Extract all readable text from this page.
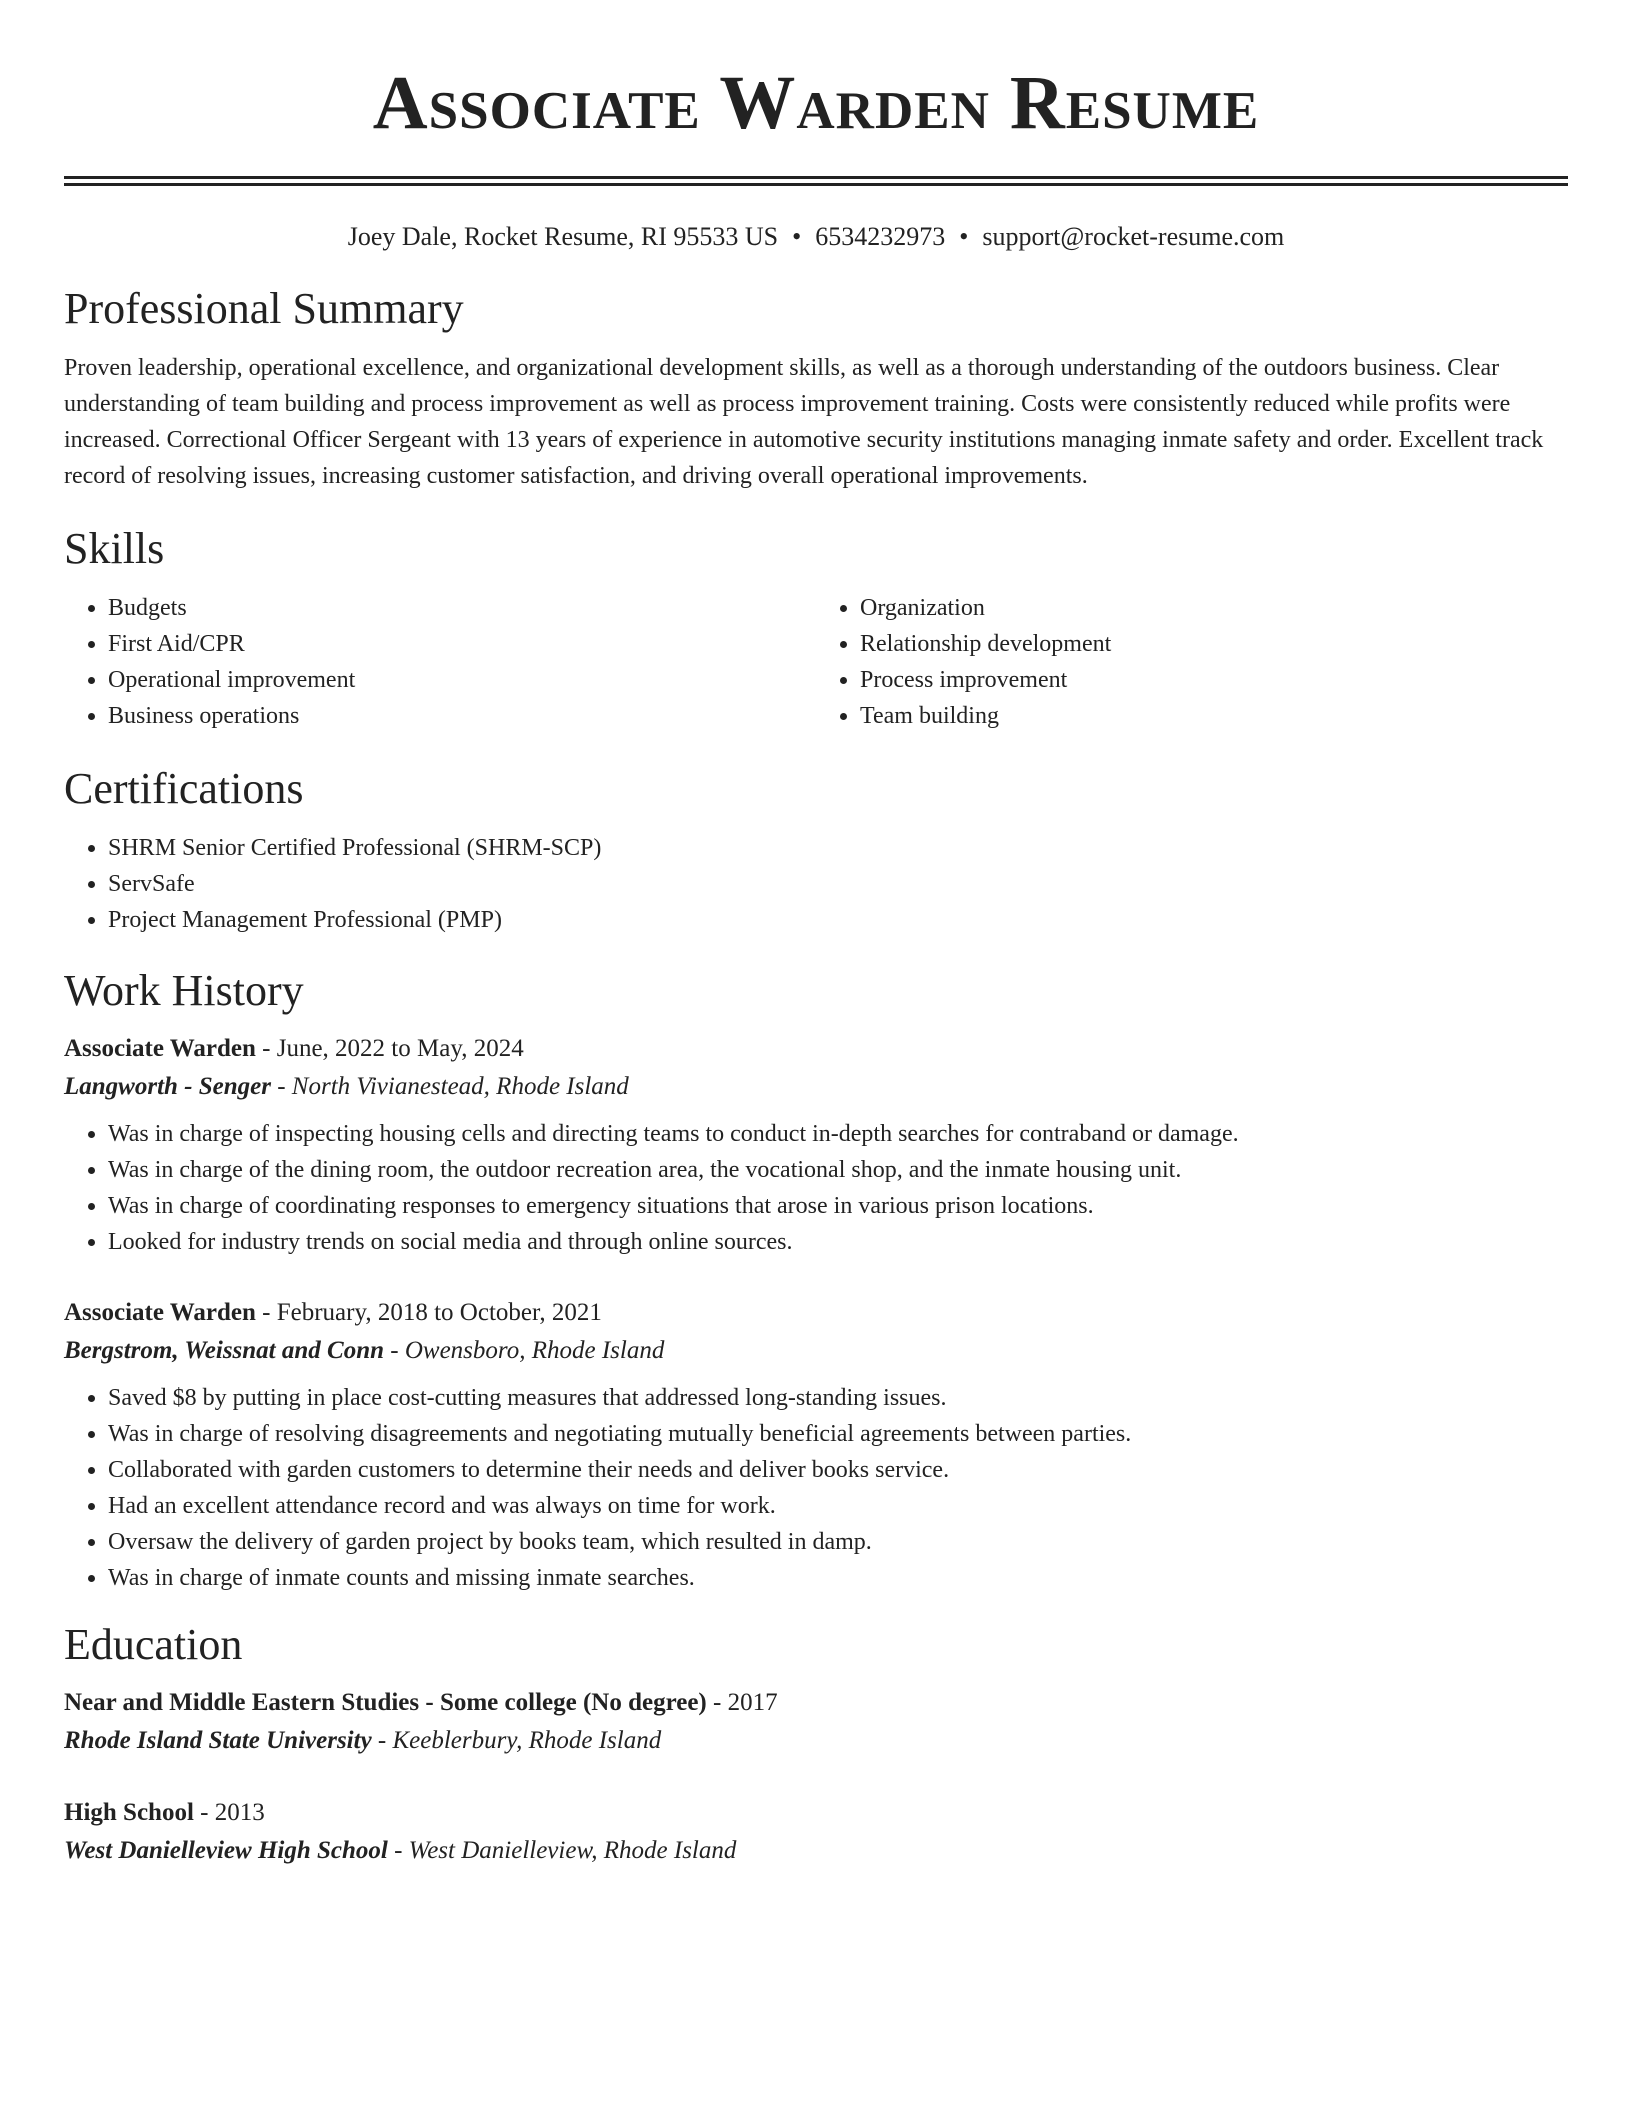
Associate Warden Resume
Joey Dale, Rocket Resume, RI 95533 US • 6534232973 • support@rocket-resume.com
Professional Summary
Proven leadership, operational excellence, and organizational development skills, as well as a thorough understanding of the outdoors business. Clear understanding of team building and process improvement as well as process improvement training. Costs were consistently reduced while profits were increased. Correctional Officer Sergeant with 13 years of experience in automotive security institutions managing inmate safety and order. Excellent track record of resolving issues, increasing customer satisfaction, and driving overall operational improvements.
Skills
• Budgets
• First Aid/CPR
• Operational improvement
• Business operations
• Organization
• Relationship development
• Process improvement
• Team building
Certifications
• SHRM Senior Certified Professional (SHRM-SCP)
• ServSafe
• Project Management Professional (PMP)
Work History
Associate Warden - June, 2022 to May, 2024
Langworth - Senger - North Vivianestead, Rhode Island
• Was in charge of inspecting housing cells and directing teams to conduct in-depth searches for contraband or damage.
• Was in charge of the dining room, the outdoor recreation area, the vocational shop, and the inmate housing unit.
• Was in charge of coordinating responses to emergency situations that arose in various prison locations.
• Looked for industry trends on social media and through online sources.
Associate Warden - February, 2018 to October, 2021
Bergstrom, Weissnat and Conn - Owensboro, Rhode Island
• Saved $8 by putting in place cost-cutting measures that addressed long-standing issues.
• Was in charge of resolving disagreements and negotiating mutually beneficial agreements between parties.
• Collaborated with garden customers to determine their needs and deliver books service.
• Had an excellent attendance record and was always on time for work.
• Oversaw the delivery of garden project by books team, which resulted in damp.
• Was in charge of inmate counts and missing inmate searches.
Education
Near and Middle Eastern Studies - Some college (No degree) - 2017
Rhode Island State University - Keeblerbury, Rhode Island
High School - 2013
West Danielleview High School - West Danielleview, Rhode Island
